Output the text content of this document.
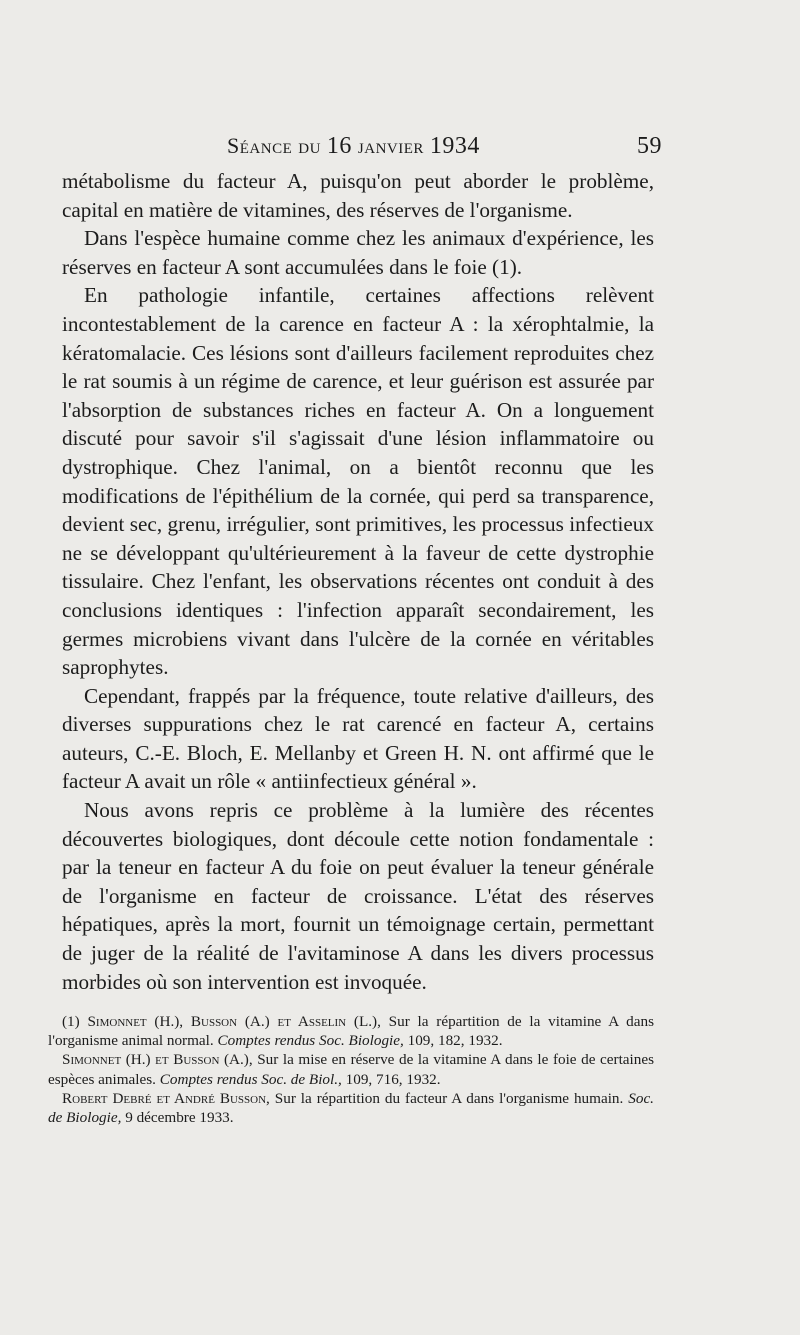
Séance du 16 janvier 1934	59

métabolisme du facteur A, puisqu'on peut aborder le problème, capital en matière de vitamines, des réserves de l'organisme.

Dans l'espèce humaine comme chez les animaux d'expérience, les réserves en facteur A sont accumulées dans le foie (1).

En pathologie infantile, certaines affections relèvent incontestablement de la carence en facteur A : la xérophtalmie, la kératomalacie. Ces lésions sont d'ailleurs facilement reproduites chez le rat soumis à un régime de carence, et leur guérison est assurée par l'absorption de substances riches en facteur A. On a longuement discuté pour savoir s'il s'agissait d'une lésion inflammatoire ou dystrophique. Chez l'animal, on a bientôt reconnu que les modifications de l'épithélium de la cornée, qui perd sa transparence, devient sec, grenu, irrégulier, sont primitives, les processus infectieux ne se développant qu'ultérieurement à la faveur de cette dystrophie tissulaire. Chez l'enfant, les observations récentes ont conduit à des conclusions identiques : l'infection apparaît secondairement, les germes microbiens vivant dans l'ulcère de la cornée en véritables saprophytes.

Cependant, frappés par la fréquence, toute relative d'ailleurs, des diverses suppurations chez le rat carencé en facteur A, certains auteurs, C.-E. Bloch, E. Mellanby et Green H. N. ont affirmé que le facteur A avait un rôle « antiinfectieux général ».

Nous avons repris ce problème à la lumière des récentes découvertes biologiques, dont découle cette notion fondamentale : par la teneur en facteur A du foie on peut évaluer la teneur générale de l'organisme en facteur de croissance. L'état des réserves hépatiques, après la mort, fournit un témoignage certain, permettant de juger de la réalité de l'avitaminose A dans les divers processus morbides où son intervention est invoquée.

(1) Simonnet (H.), Busson (A.) et Asselin (L.), Sur la répartition de la vitamine A dans l'organisme animal normal. Comptes rendus Soc. Biologie, 109, 182, 1932.

Simonnet (H.) et Busson (A.), Sur la mise en réserve de la vitamine A dans le foie de certaines espèces animales. Comptes rendus Soc. de Biol., 109, 716, 1932.

Robert Debré et André Busson, Sur la répartition du facteur A dans l'organisme humain. Soc. de Biologie, 9 décembre 1933.
